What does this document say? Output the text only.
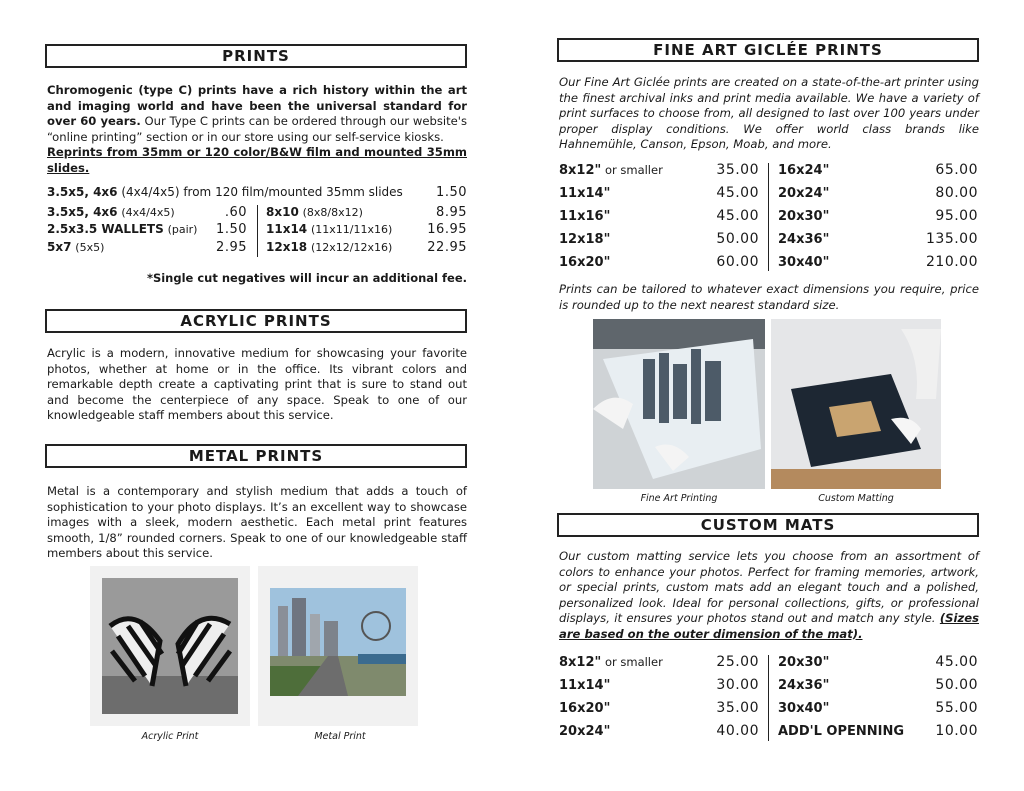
PRINTS
Chromogenic (type C) prints have a rich history within the art and imaging world and have been the universal standard for over 60 years. Our Type C prints can be ordered through our website's “online printing” section or in our store using our self-service kiosks.
Reprints from 35mm or 120 color/B&W film and mounted 35mm slides.
3.5x5, 4x6 (4x4/4x5) from 120 film/mounted 35mm slides	1.50
3.5x5, 4x6 (4x4/4x5)	.60
2.5x3.5 WALLETS (pair) 1.50
5x7 (5x5)	2.95
8x10 (8x8/8x12)	8.95
11x14 (11x11/11x16)	16.95
12x18 (12x12/12x16)	22.95
*Single cut negatives will incur an additional fee.
ACRYLIC PRINTS
Acrylic is a modern, innovative medium for showcasing your favorite photos, whether at home or in the office. Its vibrant colors and remarkable depth create a captivating print that is sure to stand out and become the centerpiece of any space. Speak to one of our knowledgeable staff members about this service.
METAL PRINTS
Metal is a contemporary and stylish medium that adds a touch of sophistication to your photo displays. It’s an excellent way to showcase images with a sleek, modern aesthetic. Each metal print features smooth, 1/8” rounded corners. Speak to one of our knowledgeable staff members about this service.
Acrylic Print	Metal Print
FINE ART GICLÉE PRINTS
Our Fine Art Giclée prints are created on a state-of-the-art printer using the finest archival inks and print media available. We have a variety of print surfaces to choose from, all designed to last over 100 years under proper display conditions. We offer world class brands like Hahnemühle, Canson, Epson, Moab, and more.
8x12" or smaller	35.00
11x14"	45.00
11x16"	45.00
12x18"	50.00
16x20"	60.00
16x24"	65.00
20x24"	80.00
20x30"	95.00
24x36"	135.00
30x40"	210.00
Prints can be tailored to whatever exact dimensions you require, price is rounded up to the next nearest standard size.
Fine Art Printing	Custom Matting
CUSTOM MATS
Our custom matting service lets you choose from an assortment of colors to enhance your photos. Perfect for framing memories, artwork, or special prints, custom mats add an elegant touch and a polished, personalized look. Ideal for personal collections, gifts, or professional displays, it ensures your photos stand out and match any style. (Sizes are based on the outer dimension of the mat).
8x12" or smaller	25.00
11x14"	30.00
16x20"	35.00
20x24"	40.00
20x30"	45.00
24x36"	50.00
30x40"	55.00
ADD'L OPENNING 10.00
